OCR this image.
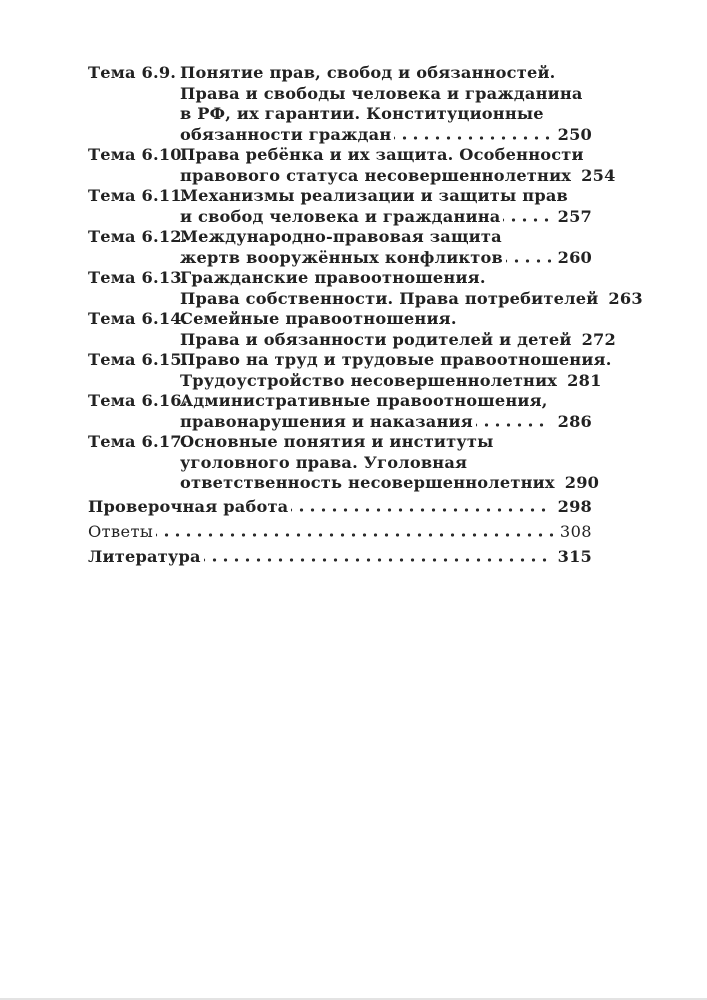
Тема 6.9. Понятие прав, свобод и обязанностей.
Права и свободы человека и гражданина
в РФ, их гарантии. Конституционные
обязанности граждан	250
Тема 6.10.
Права ребёнка и их защита. Особенности
правового статуса несовершеннолетних 254
Тема 6.11.
Механизмы реализации и защиты прав
и свобод человека и гражданина	257
Тема 6.12.
Международно-правовая защита
жертв вооружённых конфликтов	260
Тема 6.13.
Гражданские правоотношения.
Права собственности. Права потребителей 263
Тема 6.14.
Семейные правоотношения.
Права и обязанности родителей и детей 272
Тема 6.15.
Право на труд и трудовые правоотношения.
Трудоустройство несовершеннолетних 281
Тема 6.16.
Административные правоотношения,
правонарушения и наказания	286
Тема 6.17.
Основные понятия и институты
уголовного права. Уголовная
ответственность несовершеннолетних 290
Проверочная работа	298
Ответы	308
Литература	315
